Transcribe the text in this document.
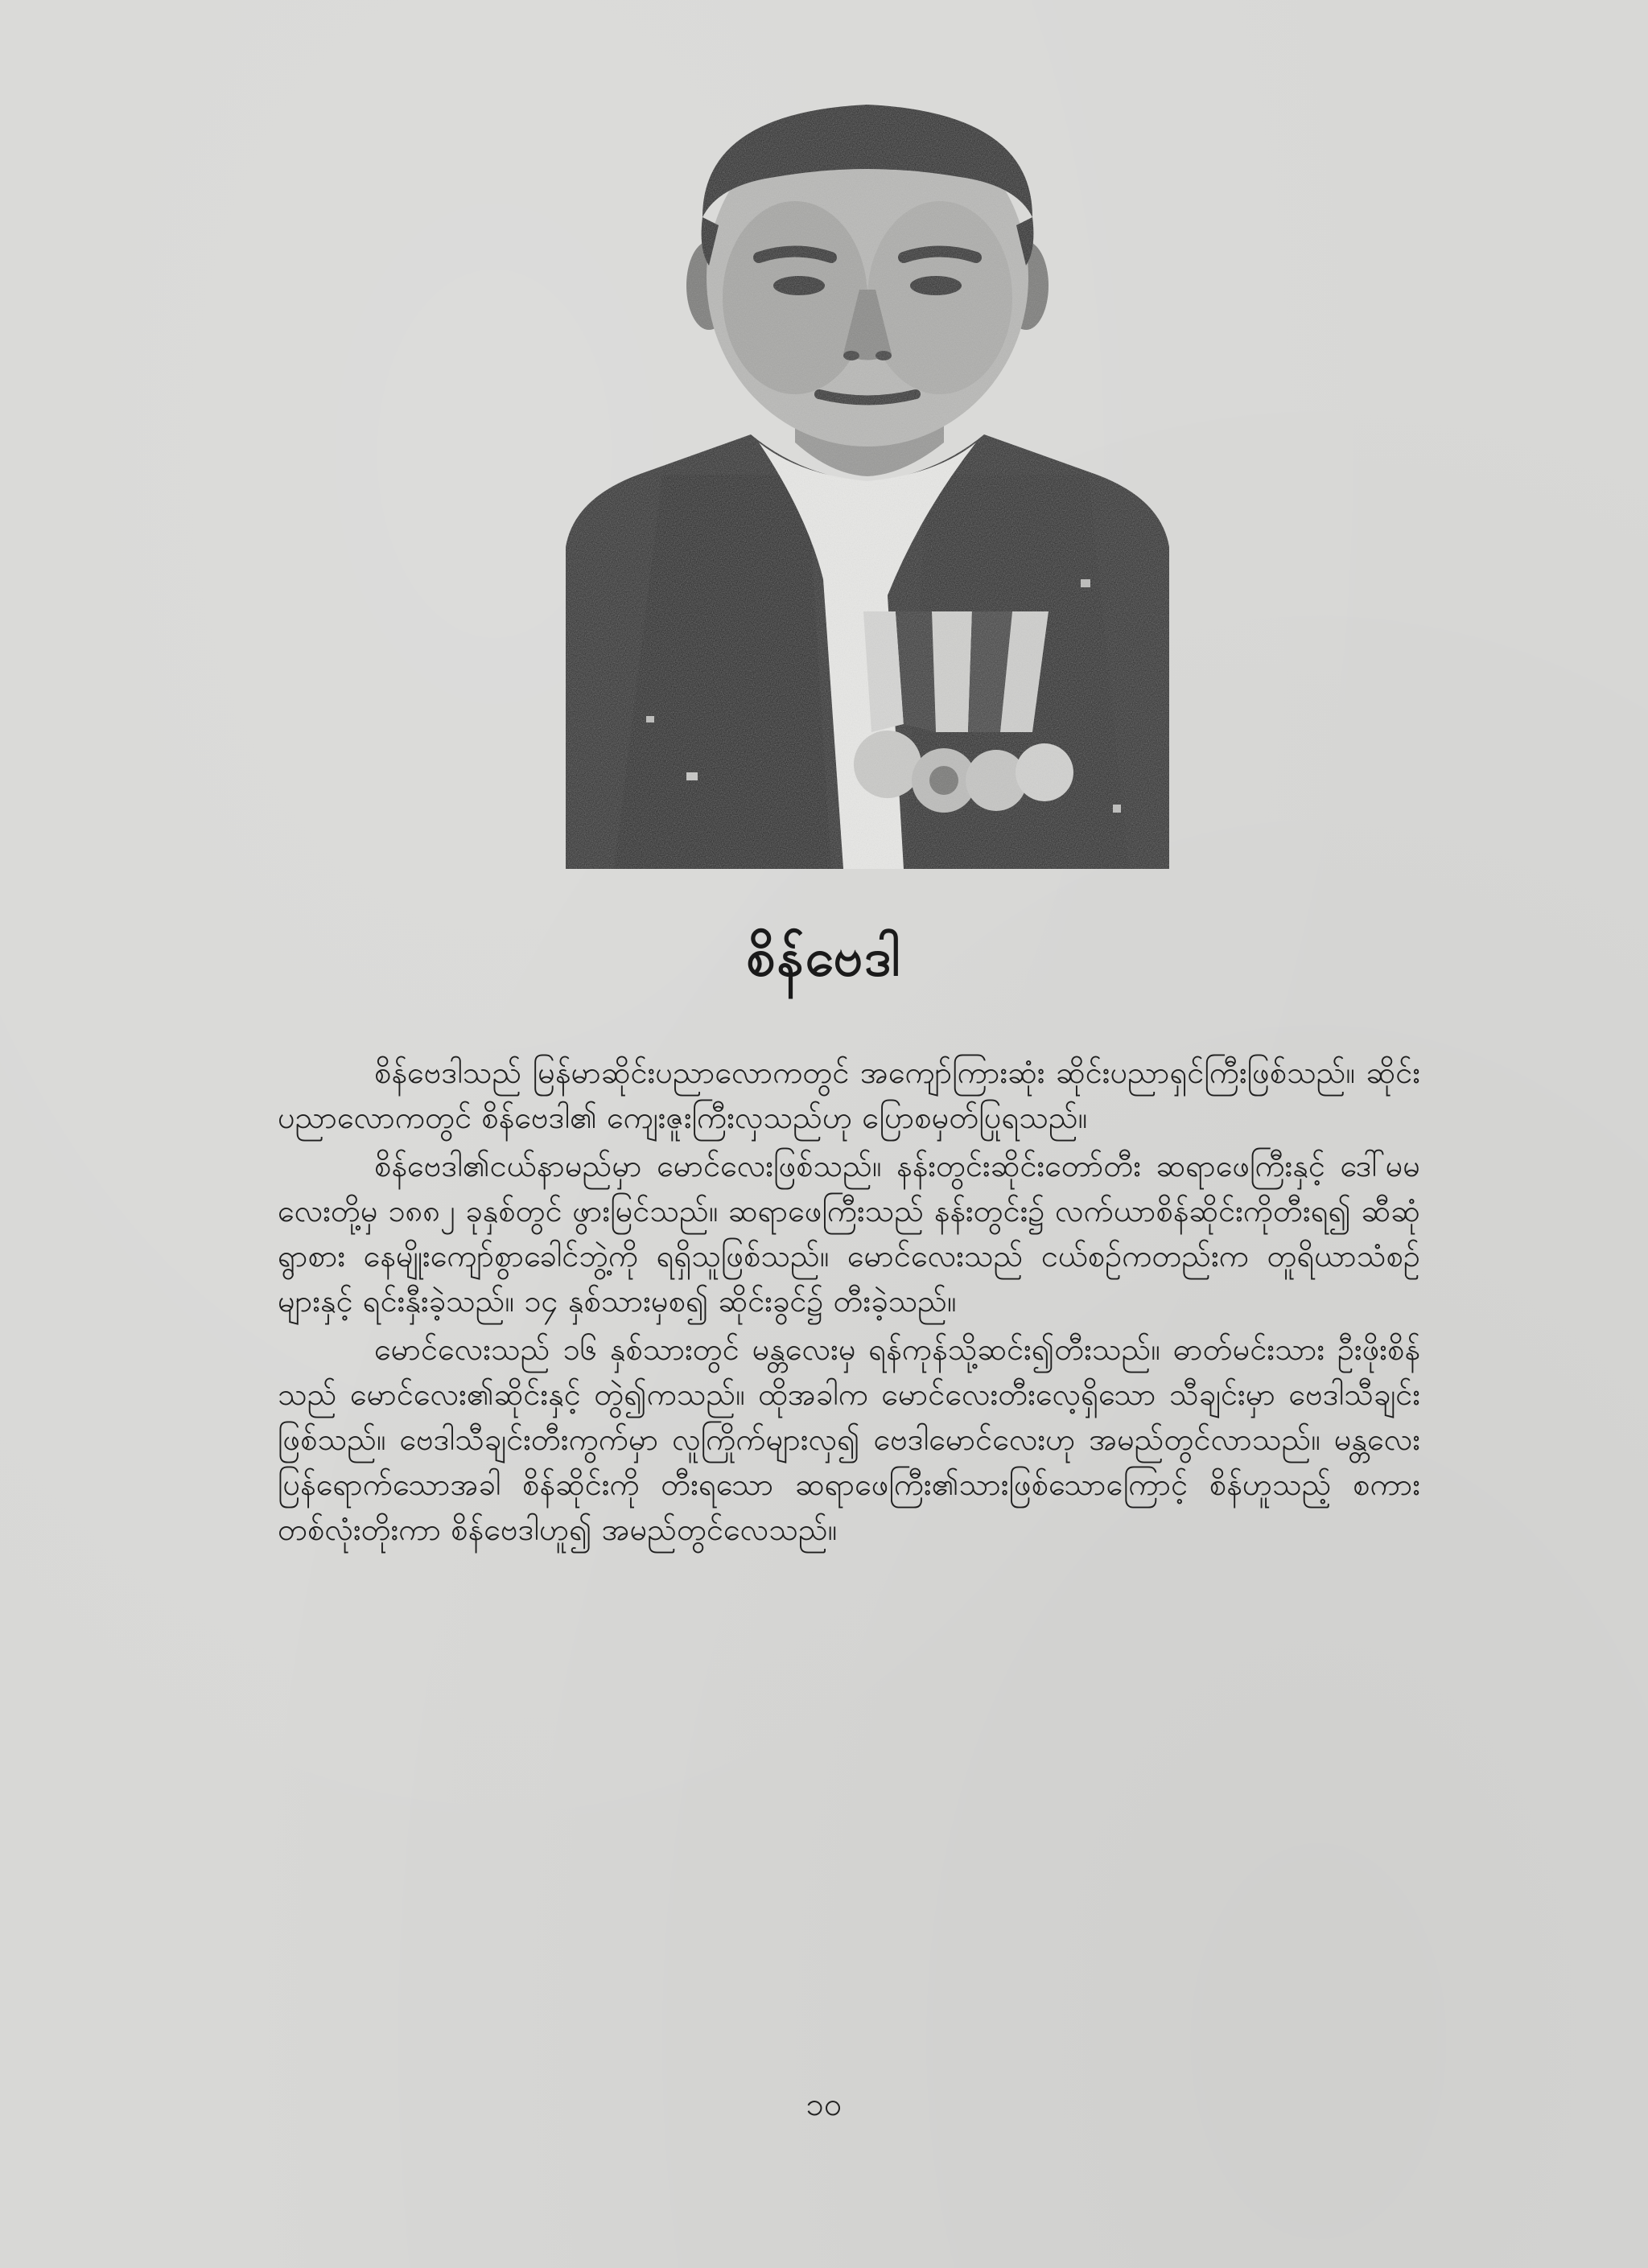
စိန်ဗေဒါ

စိန်ဗေဒါသည် မြန်မာဆိုင်းပညာလောကတွင် အကျော်ကြားဆုံး ဆိုင်းပညာရှင်ကြီးဖြစ်သည်။ ဆိုင်းပညာလောကတွင် စိန်ဗေဒါ၏ ကျေးဇူးကြီးလှသည်ဟု ပြောစမှတ်ပြုရသည်။

စိန်ဗေဒါ၏ငယ်နာမည်မှာ မောင်လေးဖြစ်သည်။ နန်းတွင်းဆိုင်းတော်တီး ဆရာဖေကြီးနှင့် ဒေါ်မမလေးတို့မှ ၁၈၈၂ ခုနှစ်တွင် ဖွားမြင်သည်။ ဆရာဖေကြီးသည် နန်းတွင်း၌ လက်ယာစိန်ဆိုင်းကိုတီးရ၍ ဆီဆုံရွာစား နေမျိုးကျော်စွာခေါင်ဘွဲ့ကို ရရှိသူဖြစ်သည်။ မောင်လေးသည် ငယ်စဉ်ကတည်းက တူရိယာသံစဉ်များနှင့် ရင်းနှီးခဲ့သည်။ ၁၄ နှစ်သားမှစ၍ ဆိုင်းခွင်၌ တီးခဲ့သည်။

မောင်လေးသည် ၁၆ နှစ်သားတွင် မန္တလေးမှ ရန်ကုန်သို့ဆင်း၍တီးသည်။ ဓာတ်မင်းသား ဦးဖိုးစိန်သည် မောင်လေး၏ဆိုင်းနှင့် တွဲ၍ကသည်။ ထိုအခါက မောင်လေးတီးလေ့ရှိသော သီချင်းမှာ ဗေဒါသီချင်းဖြစ်သည်။ ဗေဒါသီချင်းတီးကွက်မှာ လူကြိုက်များလှ၍ ဗေဒါမောင်လေးဟု အမည်တွင်လာသည်။ မန္တလေးပြန်ရောက်သောအခါ စိန်ဆိုင်းကို တီးရသော ဆရာဖေကြီး၏သားဖြစ်သောကြောင့် စိန်ဟူသည့် စကားတစ်လုံးတိုးကာ စိန်ဗေဒါဟူ၍ အမည်တွင်လေသည်။

၁၀
